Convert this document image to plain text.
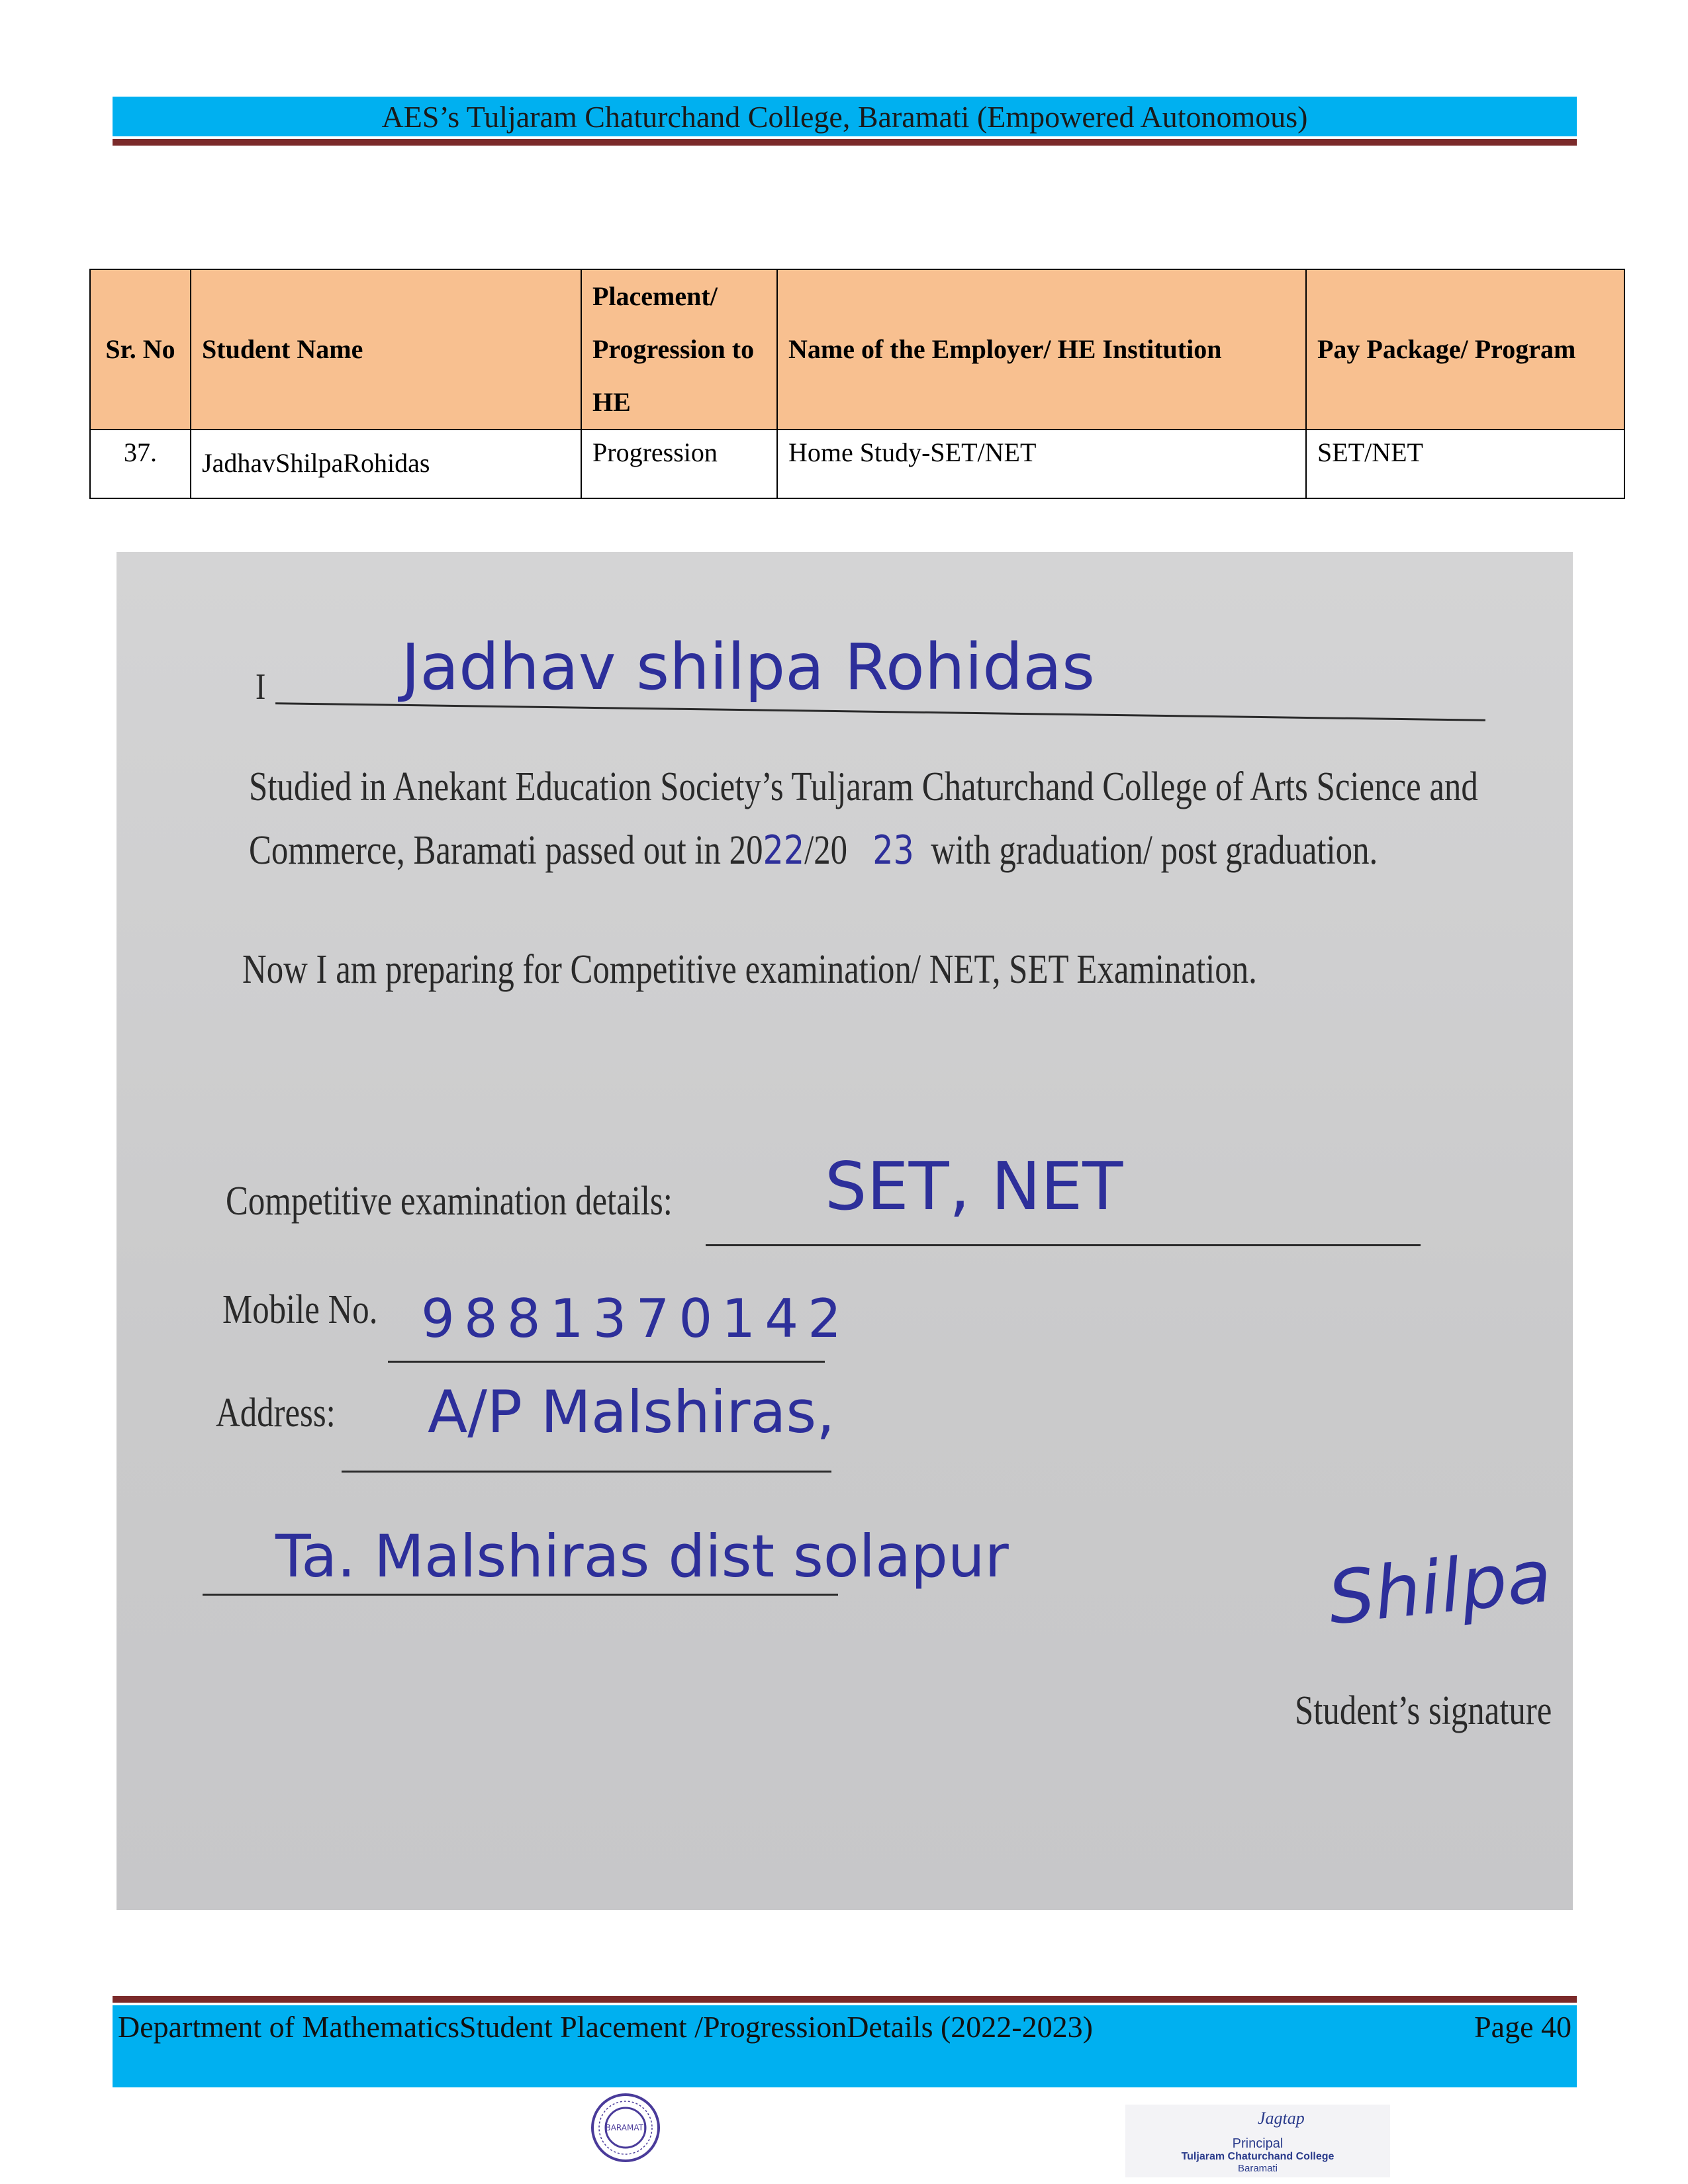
AES’s Tuljaram Chaturchand College, Baramati (Empowered Autonomous)
Sr. No	Student Name	Placement/ Progression to HE	Name of the Employer/ HE Institution	Pay Package/ Program
37.	JadhavShilpaRohidas	Progression	Home Study-SET/NET	SET/NET
I Jadhav shilpa Rohidas
Studied in Anekant Education Society’s Tuljaram Chaturchand College of Arts Science and
Commerce, Baramati passed out in 2022/20 23 with graduation/ post graduation.
Now I am preparing for Competitive examination/ NET, SET Examination.
Competitive examination details: SET, NET
Mobile No. 9881370142
Address: A/P Malshiras,
Ta. Malshiras dist solapur	Shilpa
Student’s signature
Department of MathematicsStudent Placement /ProgressionDetails (2022-2023)	Page 40
BARAMATI	Jagtap
Principal
Tuljaram Chaturchand College
Baramati
